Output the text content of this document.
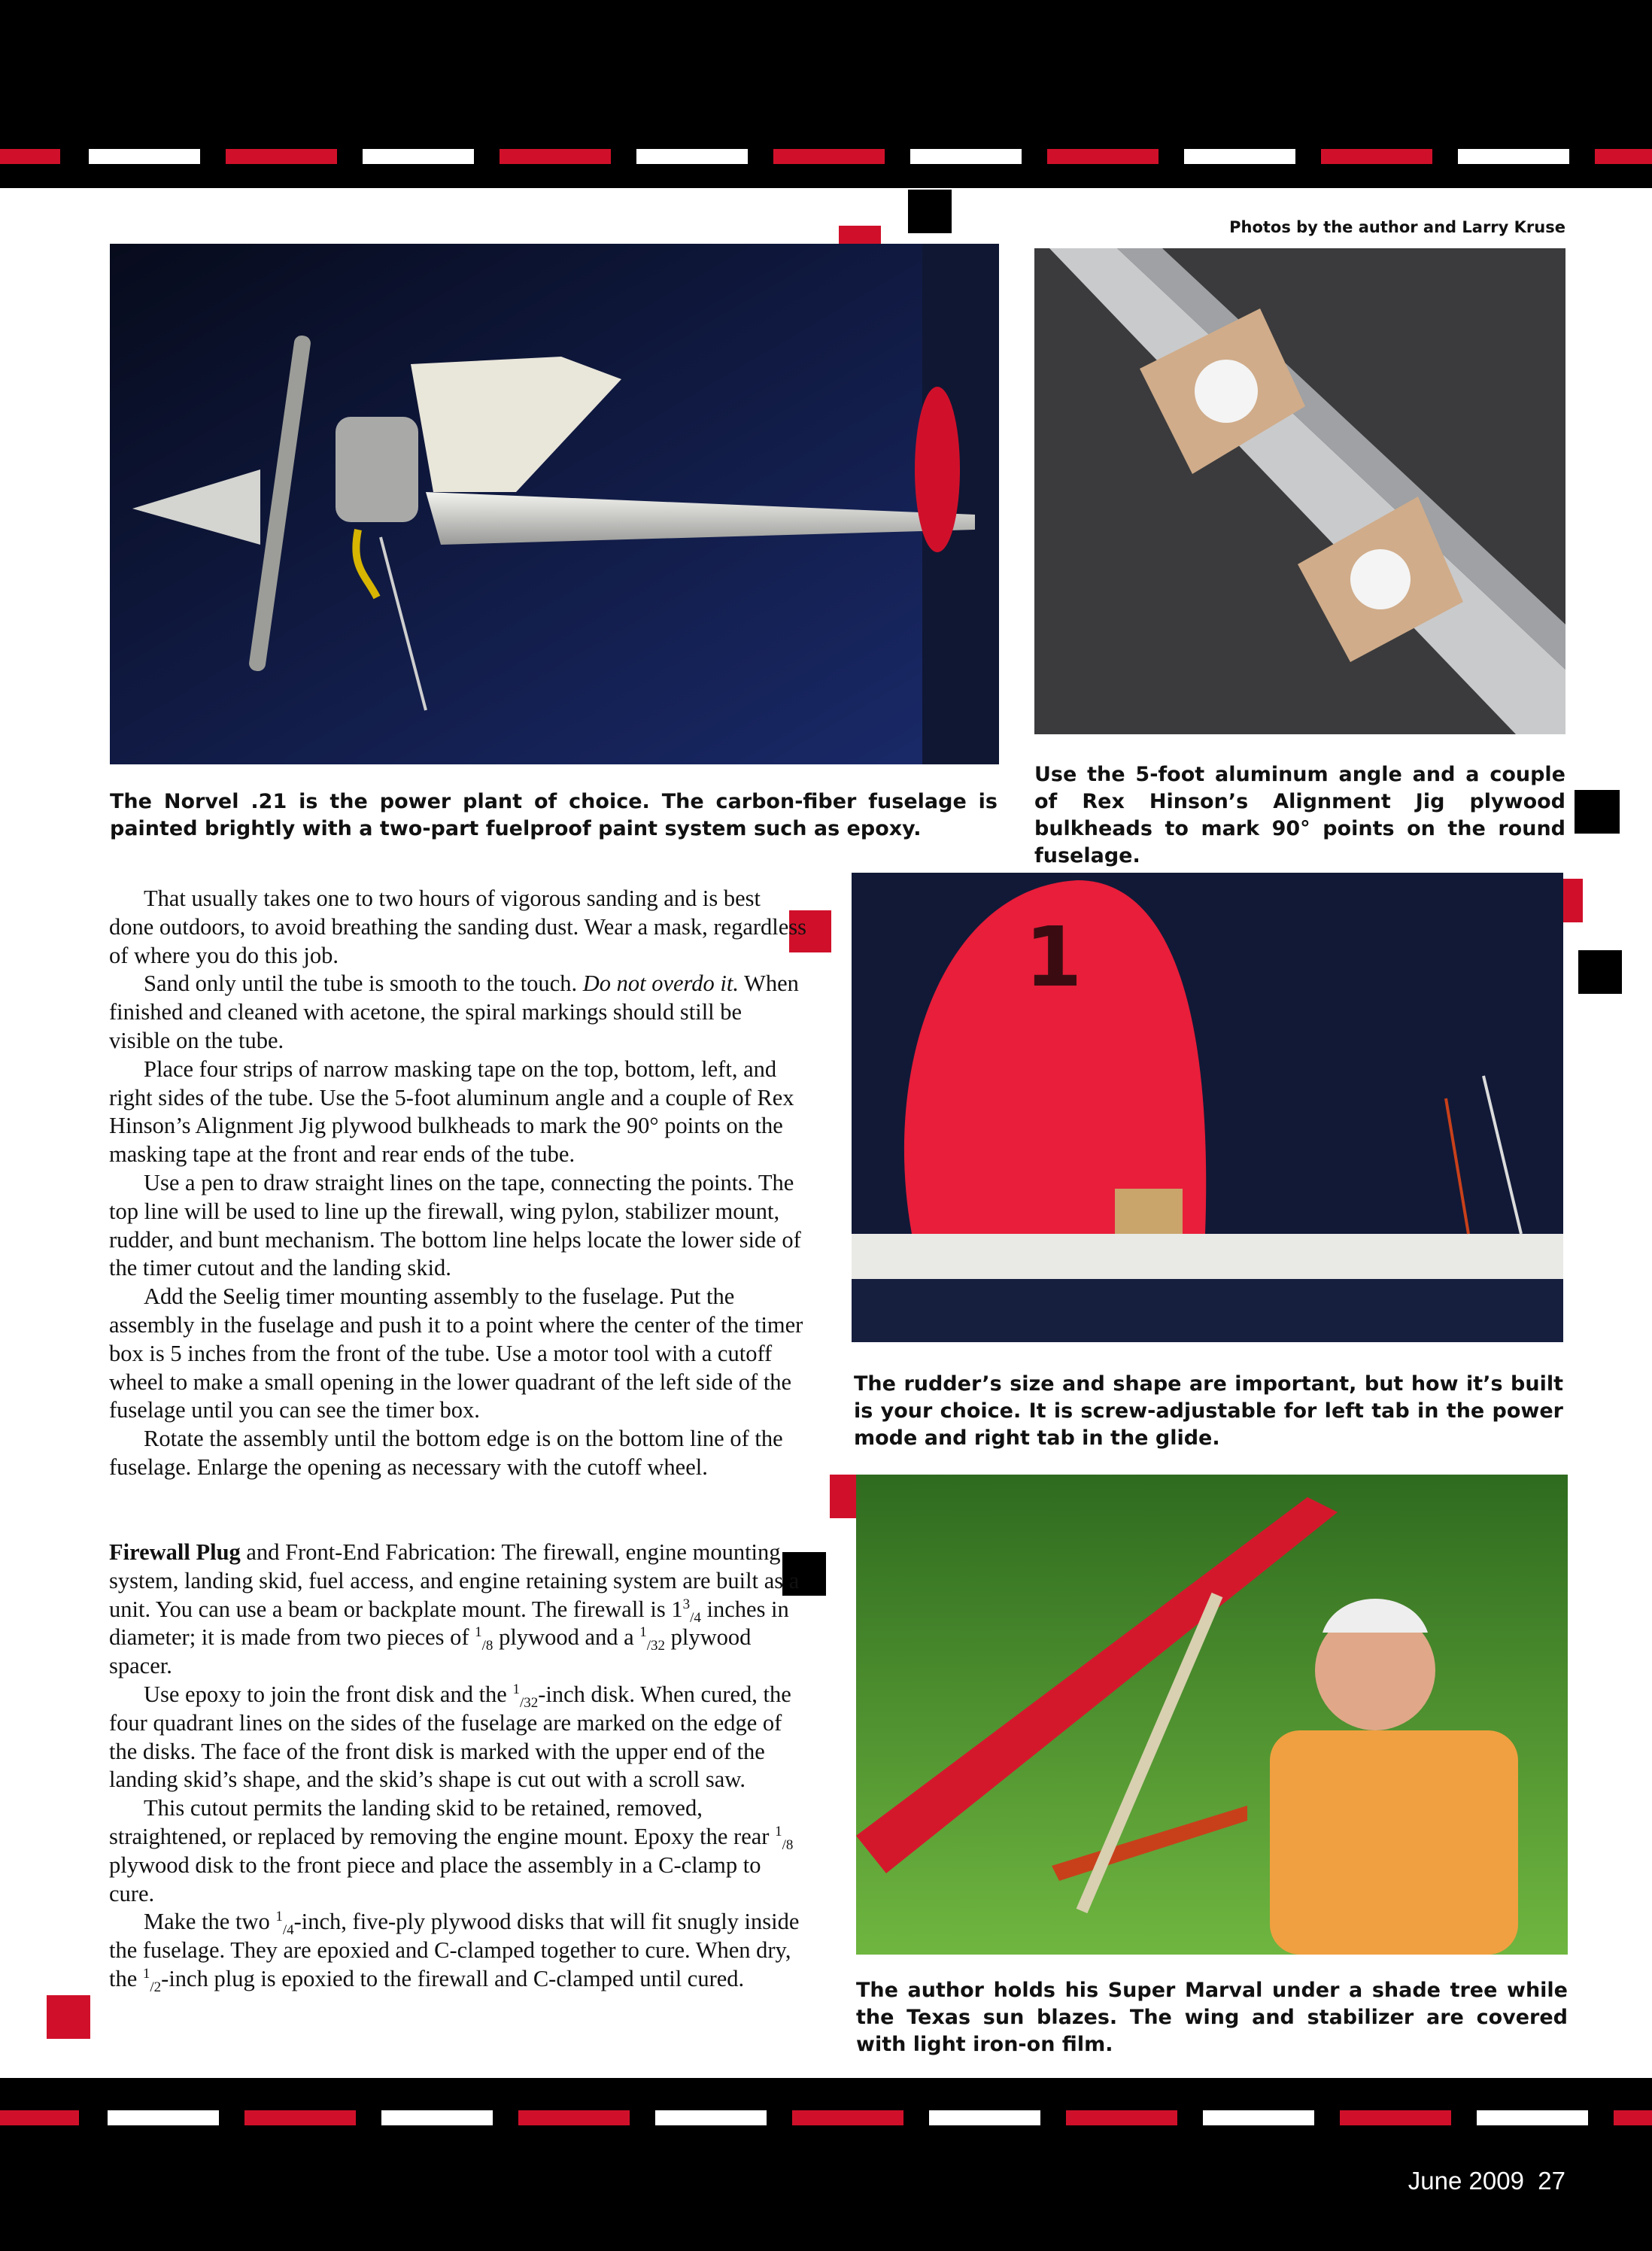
Photos by the author and Larry Kruse
The Norvel .21 is the power plant of choice. The carbon-fiber fuselage is painted brightly with a two-part fuelproof paint system such as epoxy.
Use the 5-foot aluminum angle and a couple of Rex Hinson’s Alignment Jig plywood bulkheads to mark 90° points on the round fuselage.
1
The rudder’s size and shape are important, but how it’s built is your choice. It is screw-adjustable for left tab in the power mode and right tab in the glide.
The author holds his Super Marval under a shade tree while the Texas sun blazes. The wing and stabilizer are covered with light iron-on film.

That usually takes one to two hours of vigorous sanding and is best done outdoors, to avoid breathing the sanding dust. Wear a mask, regardless of where you do this job.

Sand only until the tube is smooth to the touch. Do not overdo it. When finished and cleaned with acetone, the spiral markings should still be visible on the tube.

Place four strips of narrow masking tape on the top, bottom, left, and right sides of the tube. Use the 5-foot aluminum angle and a couple of Rex Hinson’s Alignment Jig plywood bulkheads to mark the 90° points on the masking tape at the front and rear ends of the tube.

Use a pen to draw straight lines on the tape, connecting the points. The top line will be used to line up the firewall, wing pylon, stabilizer mount, rudder, and bunt mechanism. The bottom line helps locate the lower side of the timer cutout and the landing skid.

Add the Seelig timer mounting assembly to the fuselage. Put the assembly in the fuselage and push it to a point where the center of the timer box is 5 inches from the front of the tube. Use a motor tool with a cutoff wheel to make a small opening in the lower quadrant of the left side of the fuselage until you can see the timer box.

Rotate the assembly until the bottom edge is on the bottom line of the fuselage. Enlarge the opening as necessary with the cutoff wheel.

Firewall Plug and Front-End Fabrication: The firewall, engine mounting system, landing skid, fuel access, and engine retaining system are built as a unit. You can use a beam or backplate mount. The firewall is $1^3_{/4}$ inches in diameter; it is made from two pieces of $^1_{/8}$ plywood and a $^1_{/32}$ plywood spacer.

Use epoxy to join the front disk and the $^1_{/32}$-inch disk. When cured, the four quadrant lines on the sides of the fuselage are marked on the edge of the disks. The face of the front disk is marked with the upper end of the landing skid’s shape, and the skid’s shape is cut out with a scroll saw.

This cutout permits the landing skid to be retained, removed, straightened, or replaced by removing the engine mount. Epoxy the rear $^1_{/8}$ plywood disk to the front piece and place the assembly in a C-clamp to cure.

Make the two $^1_{/4}$-inch, five-ply plywood disks that will fit snugly inside the fuselage. They are epoxied and C-clamped together to cure. When dry, the $^1_{/2}$-inch plug is epoxied to the firewall and C-clamped until cured.

June 2009 27
